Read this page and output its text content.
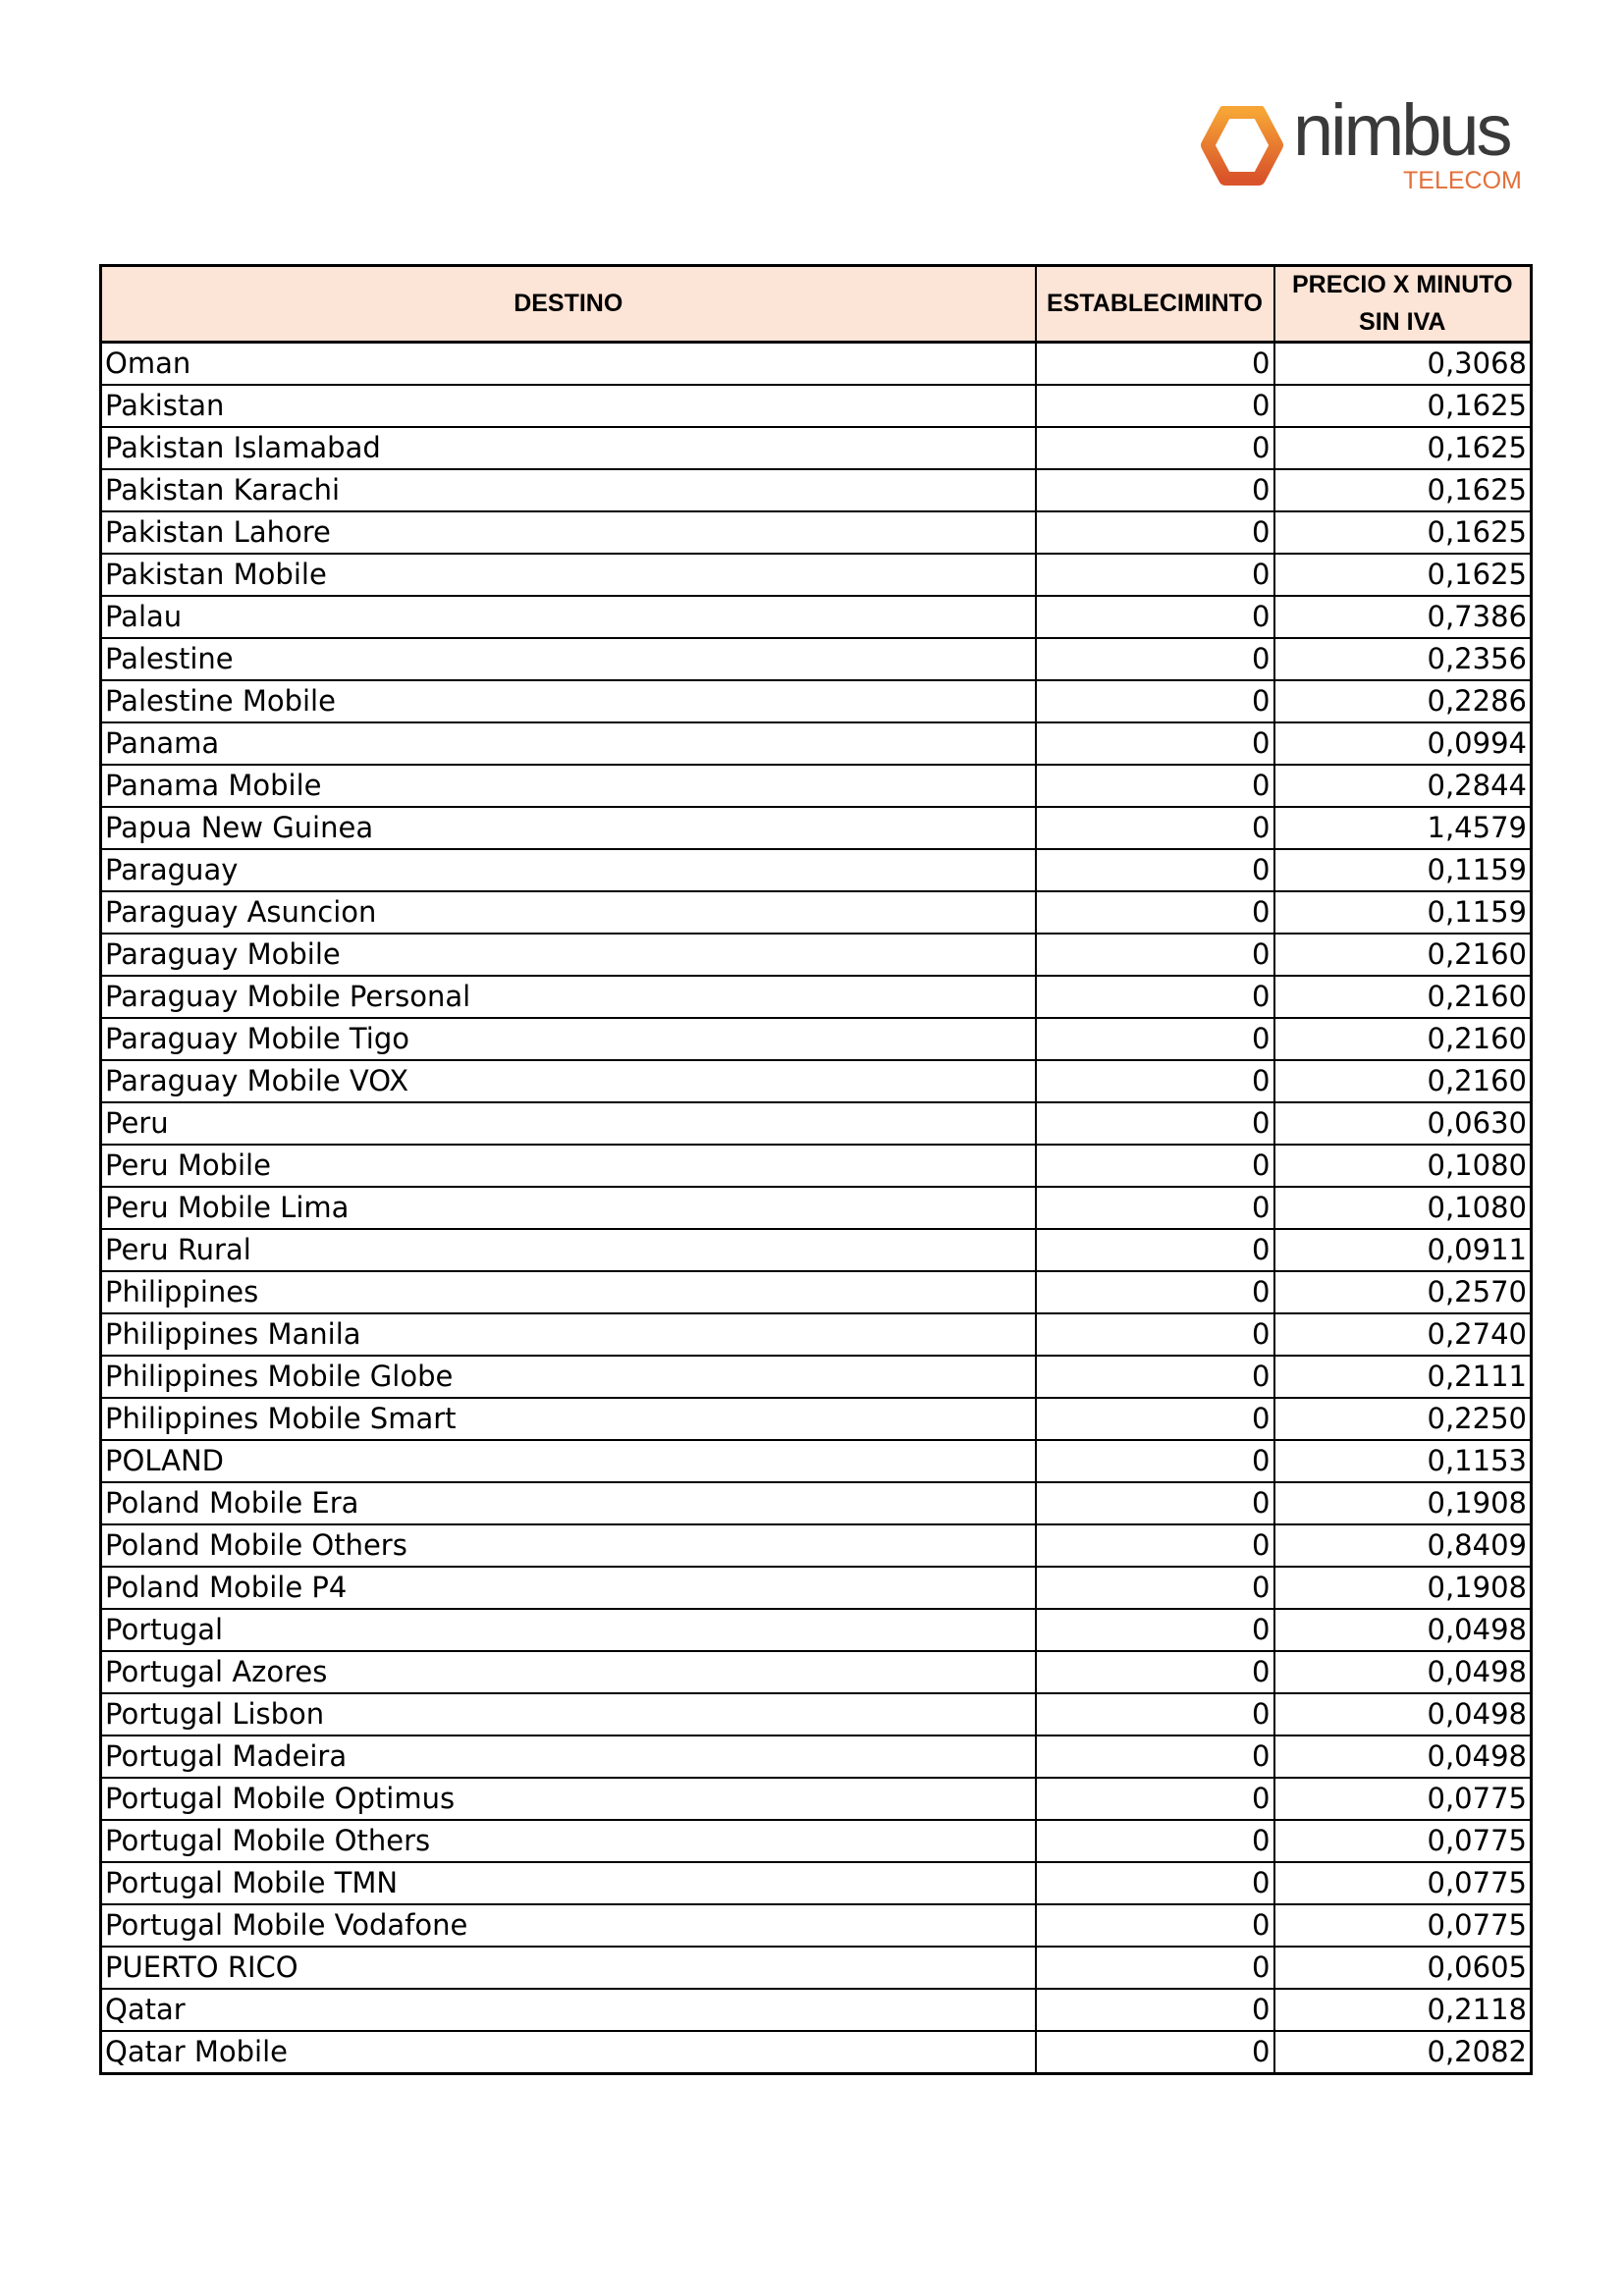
nimbus
TELECOM
DESTINO	ESTABLECIMINTO	PRECIO X MINUTO
SIN IVA
Oman	0	0,3068
Pakistan	0	0,1625
Pakistan Islamabad	0	0,1625
Pakistan Karachi	0	0,1625
Pakistan Lahore	0	0,1625
Pakistan Mobile	0	0,1625
Palau	0	0,7386
Palestine	0	0,2356
Palestine Mobile	0	0,2286
Panama	0	0,0994
Panama Mobile	0	0,2844
Papua New Guinea	0	1,4579
Paraguay	0	0,1159
Paraguay Asuncion	0	0,1159
Paraguay Mobile	0	0,2160
Paraguay Mobile Personal	0	0,2160
Paraguay Mobile Tigo	0	0,2160
Paraguay Mobile VOX	0	0,2160
Peru	0	0,0630
Peru Mobile	0	0,1080
Peru Mobile Lima	0	0,1080
Peru Rural	0	0,0911
Philippines	0	0,2570
Philippines Manila	0	0,2740
Philippines Mobile Globe	0	0,2111
Philippines Mobile Smart	0	0,2250
POLAND	0	0,1153
Poland Mobile Era	0	0,1908
Poland Mobile Others	0	0,8409
Poland Mobile P4	0	0,1908
Portugal	0	0,0498
Portugal Azores	0	0,0498
Portugal Lisbon	0	0,0498
Portugal Madeira	0	0,0498
Portugal Mobile Optimus	0	0,0775
Portugal Mobile Others	0	0,0775
Portugal Mobile TMN	0	0,0775
Portugal Mobile Vodafone	0	0,0775
PUERTO RICO	0	0,0605
Qatar	0	0,2118
Qatar Mobile	0	0,2082
